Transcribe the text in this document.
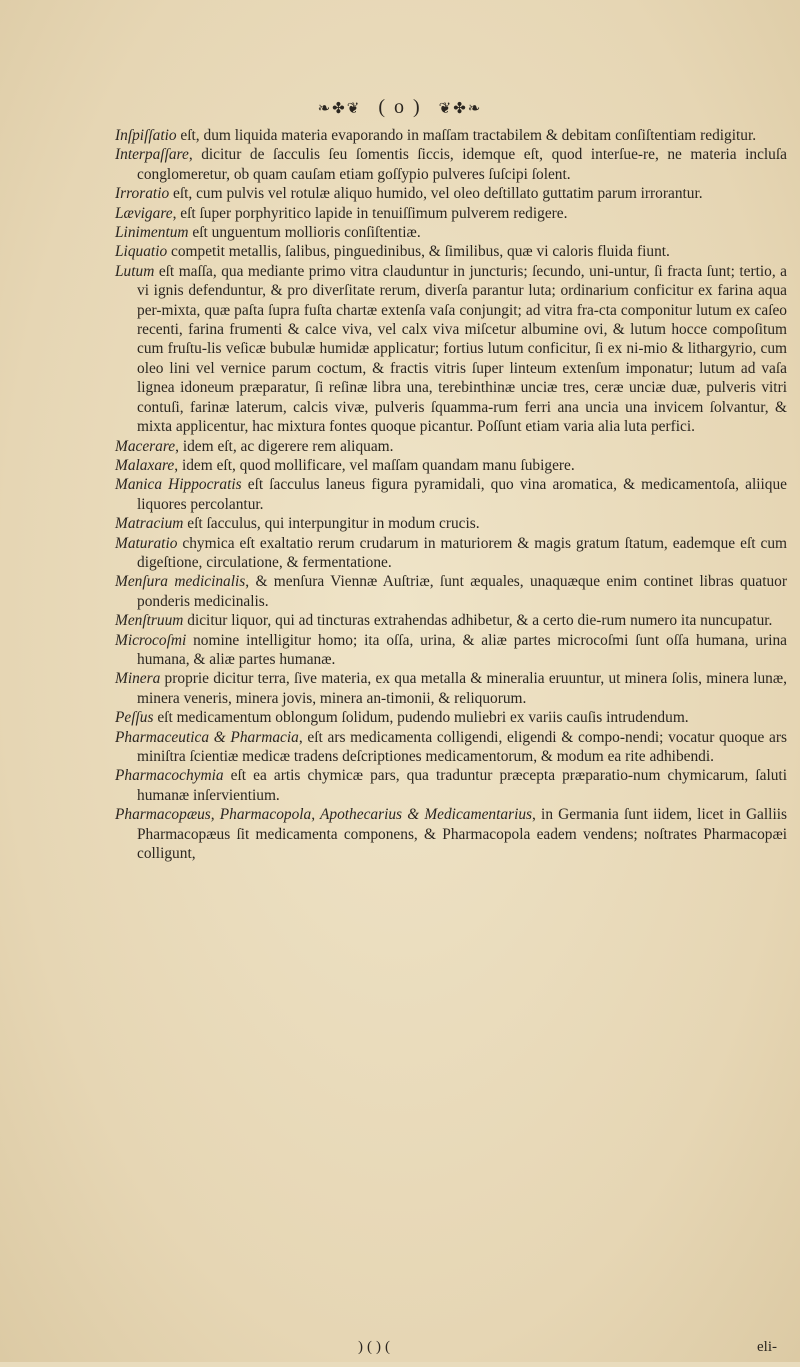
❧✤❦ ( o ) ❦✤❧

Inſpiſſatio eſt, dum liquida materia evaporando in maſſam tractabilem & debitam conſiſtentiam redigitur.

Interpaſſare, dicitur de ſacculis ſeu ſomentis ſiccis, idemque eſt, quod interſue-re, ne materia incluſa conglomeretur, ob quam cauſam etiam goſſypio pulveres ſuſcipi ſolent.

Irroratio eſt, cum pulvis vel rotulæ aliquo humido, vel oleo deſtillato guttatim parum irrorantur.

Lævigare, eſt ſuper porphyritico lapide in tenuiſſimum pulverem redigere.

Linimentum eſt unguentum mollioris conſiſtentiæ.

Liquatio competit metallis, ſalibus, pinguedinibus, & ſimilibus, quæ vi caloris fluida fiunt.

Lutum eſt maſſa, qua mediante primo vitra clauduntur in juncturis; ſecundo, uni-untur, ſi fracta ſunt; tertio, a vi ignis defenduntur, & pro diverſitate rerum, diverſa parantur luta; ordinarium conficitur ex farina aqua per-mixta, quæ paſta ſupra fuſta chartæ extenſa vaſa conjungit; ad vitra fra-cta componitur lutum ex caſeo recenti, farina frumenti & calce viva, vel calx viva miſcetur albumine ovi, & lutum hocce compoſitum cum fruſtu-lis veſicæ bubulæ humidæ applicatur; fortius lutum conficitur, ſi ex ni-mio & lithargyrio, cum oleo lini vel vernice parum coctum, & fractis vitris ſuper linteum extenſum imponatur; lutum ad vaſa lignea idoneum præparatur, ſi reſinæ libra una, terebinthinæ unciæ tres, ceræ unciæ duæ, pulveris vitri contuſi, farinæ laterum, calcis vivæ, pulveris ſquamma-rum ferri ana uncia una invicem ſolvantur, & mixta applicentur, hac mixtura fontes quoque picantur. Poſſunt etiam varia alia luta perfici.

Macerare, idem eſt, ac digerere rem aliquam.

Malaxare, idem eſt, quod mollificare, vel maſſam quandam manu ſubigere.

Manica Hippocratis eſt ſacculus laneus figura pyramidali, quo vina aromatica, & medicamentoſa, aliique liquores percolantur.

Matracium eſt ſacculus, qui interpungitur in modum crucis.

Maturatio chymica eſt exaltatio rerum crudarum in maturiorem & magis gratum ſtatum, eademque eſt cum digeſtione, circulatione, & fermentatione.

Menſura medicinalis, & menſura Viennæ Auſtriæ, ſunt æquales, unaquæque enim continet libras quatuor ponderis medicinalis.

Menſtruum dicitur liquor, qui ad tincturas extrahendas adhibetur, & a certo die-rum numero ita nuncupatur.

Microcoſmi nomine intelligitur homo; ita oſſa, urina, & aliæ partes microcoſmi ſunt oſſa humana, urina humana, & aliæ partes humanæ.

Minera proprie dicitur terra, ſive materia, ex qua metalla & mineralia eruuntur, ut minera ſolis, minera lunæ, minera veneris, minera jovis, minera an-timonii, & reliquorum.

Peſſus eſt medicamentum oblongum ſolidum, pudendo muliebri ex variis cauſis intrudendum.

Pharmaceutica & Pharmacia, eſt ars medicamenta colligendi, eligendi & compo-nendi; vocatur quoque ars miniſtra ſcientiæ medicæ tradens deſcriptiones medicamentorum, & modum ea rite adhibendi.

Pharmacochymia eſt ea artis chymicæ pars, qua traduntur præcepta præparatio-num chymicarum, ſaluti humanæ inſervientium.

Pharmacopæus, Pharmacopola, Apothecarius & Medicamentarius, in Germania ſunt iidem, licet in Galliis Pharmacopæus ſit medicamenta componens, & Pharmacopola eadem vendens; noſtrates Pharmacopæi colligunt,

)()(	eli-
